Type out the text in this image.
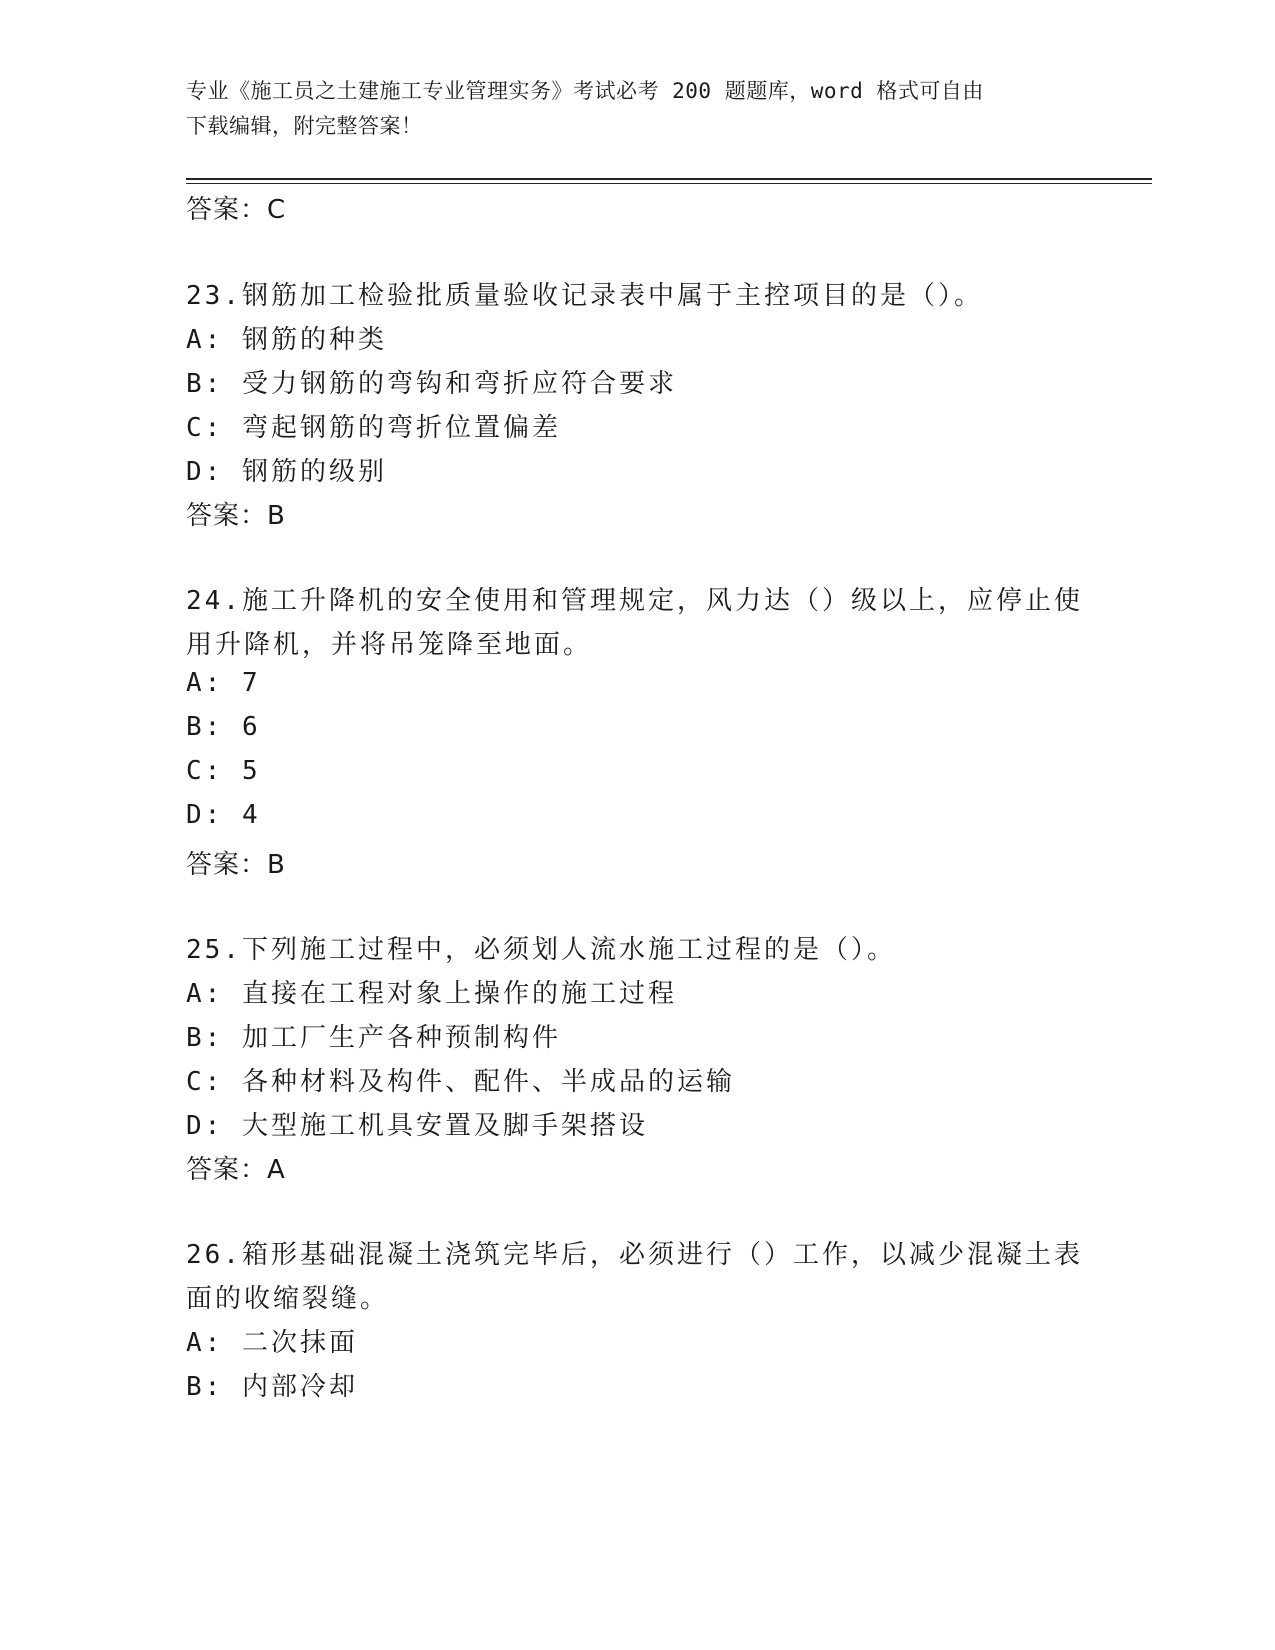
专业《施工员之土建施工专业管理实务》考试必考 200 题题库，word 格式可自由
下载编辑，附完整答案！
答案：C
23.钢筋加工检验批质量验收记录表中属于主控项目的是（）。
A: 钢筋的种类
B: 受力钢筋的弯钩和弯折应符合要求
C: 弯起钢筋的弯折位置偏差
D: 钢筋的级别
答案：B
24.施工升降机的安全使用和管理规定，风力达（）级以上，应停止使
用升降机，并将吊笼降至地面。
A: 7
B: 6
C: 5
D: 4
答案：B
25.下列施工过程中，必须划人流水施工过程的是（）。
A: 直接在工程对象上操作的施工过程
B: 加工厂生产各种预制构件
C: 各种材料及构件、配件、半成品的运输
D: 大型施工机具安置及脚手架搭设
答案：A
26.箱形基础混凝土浇筑完毕后，必须进行（）工作，以减少混凝土表
面的收缩裂缝。
A: 二次抹面
B: 内部冷却
